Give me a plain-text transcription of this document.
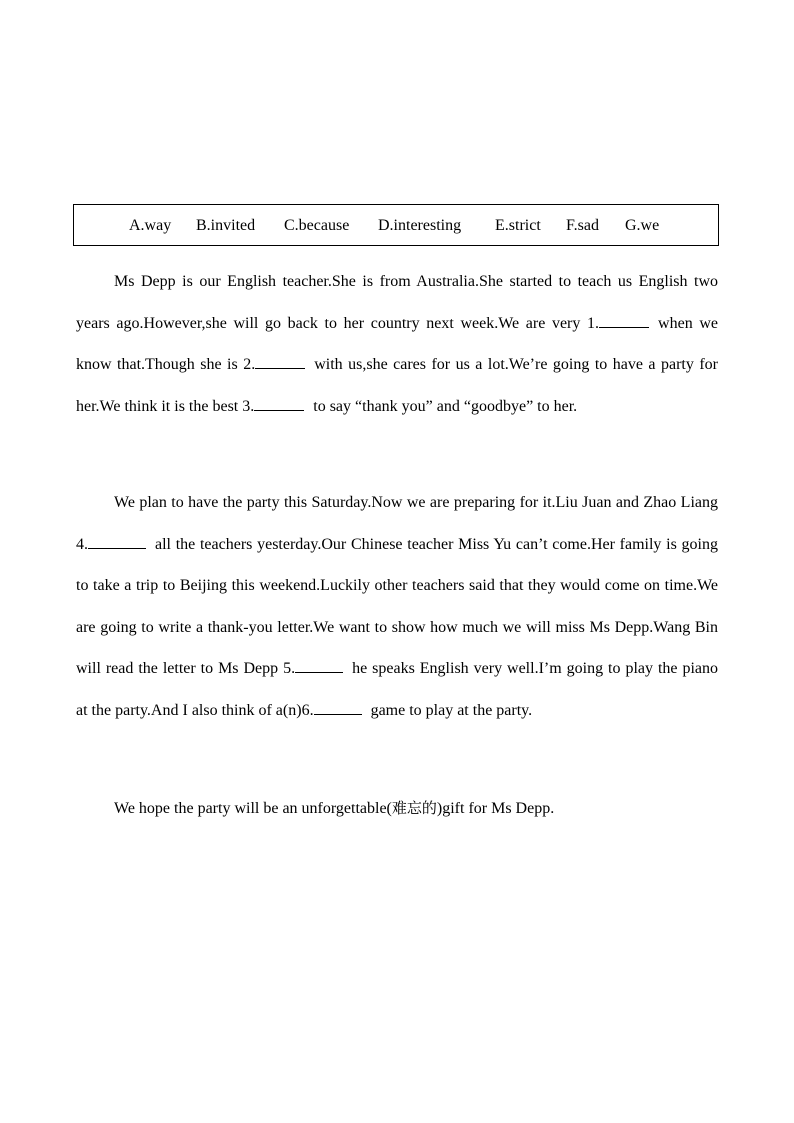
A.way

B.invited

C.because

D.interesting

E.strict

F.sad

G.we

Ms Depp is our English teacher.She is from Australia.She started to teach us English two years ago.However,she will go back to her country next week.We are very 1.	when we know that.Though she is 2.	with us,she cares for us a lot.We’re going to have a party for her.We think it is the best 3.	to say “thank you” and “goodbye” to her.

We plan to have the party this Saturday.Now we are preparing for it.Liu Juan and Zhao Liang 4.	all the teachers yesterday.Our Chinese teacher Miss Yu can’t come.Her family is going to take a trip to Beijing this weekend.Luckily other teachers said that they would come on time.We are going to write a thank-you letter.We want to show how much we will miss Ms Depp.Wang Bin will read the letter to Ms Depp 5.	he speaks English very well.I’m going to play the piano at the party.And I also think of a(n)6.	game to play at the party.

We hope the party will be an unforgettable(难忘的)gift for Ms Depp.
